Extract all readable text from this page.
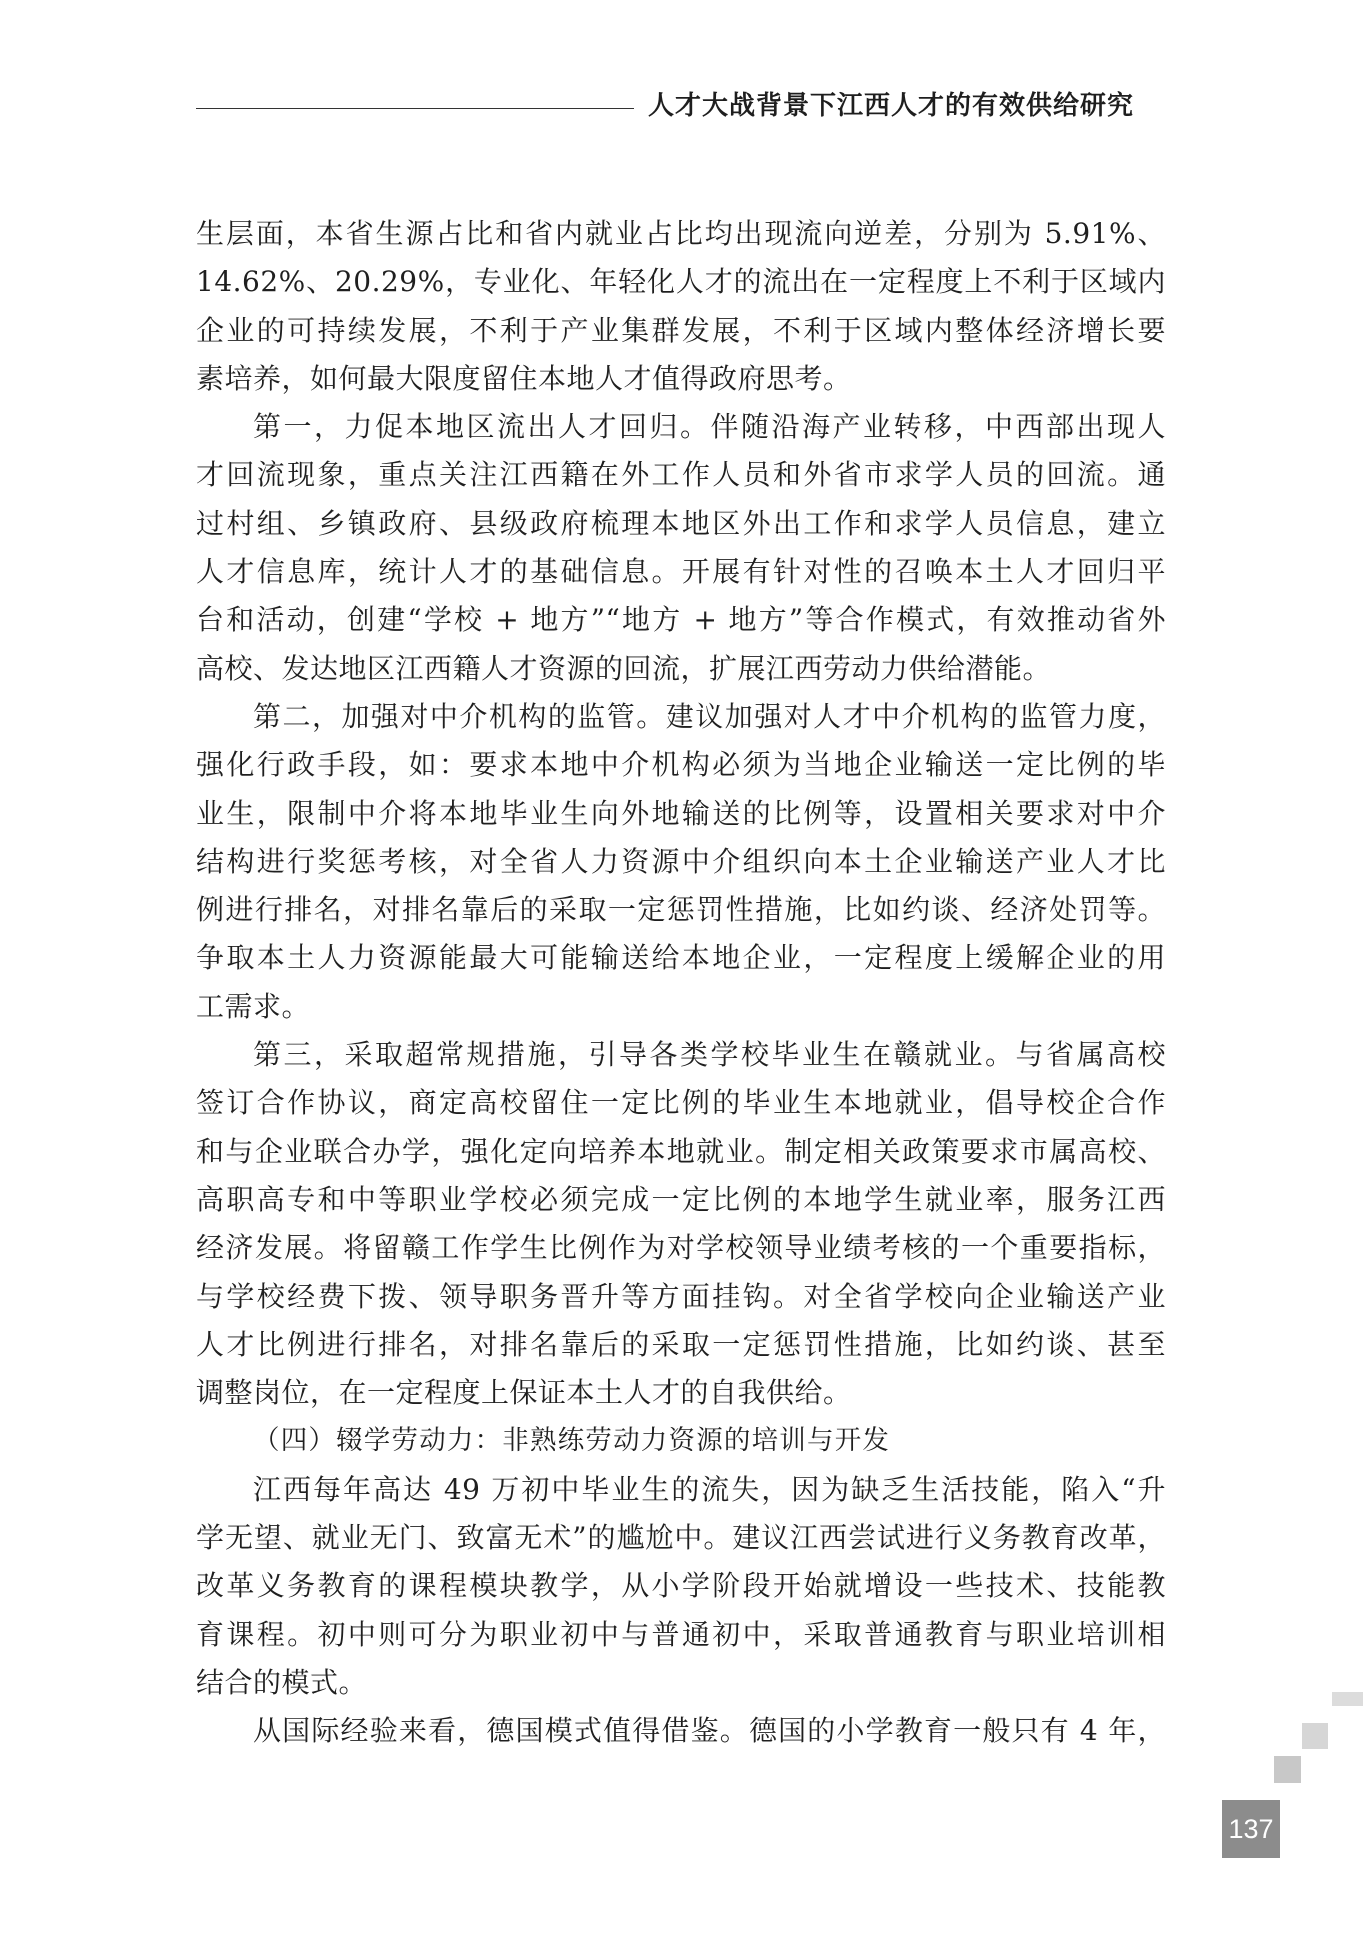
人才大战背景下江西人才的有效供给研究
生层面，本省生源占比和省内就业占比均出现流向逆差，分别为 5.91%、
14.62%、20.29%，专业化、年轻化人才的流出在一定程度上不利于区域内
企业的可持续发展，不利于产业集群发展，不利于区域内整体经济增长要
素培养，如何最大限度留住本地人才值得政府思考。
第一，力促本地区流出人才回归。伴随沿海产业转移，中西部出现人
才回流现象，重点关注江西籍在外工作人员和外省市求学人员的回流。通
过村组、乡镇政府、县级政府梳理本地区外出工作和求学人员信息，建立
人才信息库，统计人才的基础信息。开展有针对性的召唤本土人才回归平
台和活动，创建“学校 + 地方”“地方 + 地方”等合作模式，有效推动省外
高校、发达地区江西籍人才资源的回流，扩展江西劳动力供给潜能。
第二，加强对中介机构的监管。建议加强对人才中介机构的监管力度，
强化行政手段，如：要求本地中介机构必须为当地企业输送一定比例的毕
业生，限制中介将本地毕业生向外地输送的比例等，设置相关要求对中介
结构进行奖惩考核，对全省人力资源中介组织向本土企业输送产业人才比
例进行排名，对排名靠后的采取一定惩罚性措施，比如约谈、经济处罚等。
争取本土人力资源能最大可能输送给本地企业，一定程度上缓解企业的用
工需求。
第三，采取超常规措施，引导各类学校毕业生在赣就业。与省属高校
签订合作协议，商定高校留住一定比例的毕业生本地就业，倡导校企合作
和与企业联合办学，强化定向培养本地就业。制定相关政策要求市属高校、
高职高专和中等职业学校必须完成一定比例的本地学生就业率，服务江西
经济发展。将留赣工作学生比例作为对学校领导业绩考核的一个重要指标，
与学校经费下拨、领导职务晋升等方面挂钩。对全省学校向企业输送产业
人才比例进行排名，对排名靠后的采取一定惩罚性措施，比如约谈、甚至
调整岗位，在一定程度上保证本土人才的自我供给。
（四）辍学劳动力：非熟练劳动力资源的培训与开发
江西每年高达 49 万初中毕业生的流失，因为缺乏生活技能，陷入“升
学无望、就业无门、致富无术”的尴尬中。建议江西尝试进行义务教育改革，
改革义务教育的课程模块教学，从小学阶段开始就增设一些技术、技能教
育课程。初中则可分为职业初中与普通初中，采取普通教育与职业培训相
结合的模式。
从国际经验来看，德国模式值得借鉴。德国的小学教育一般只有 4 年，
137
